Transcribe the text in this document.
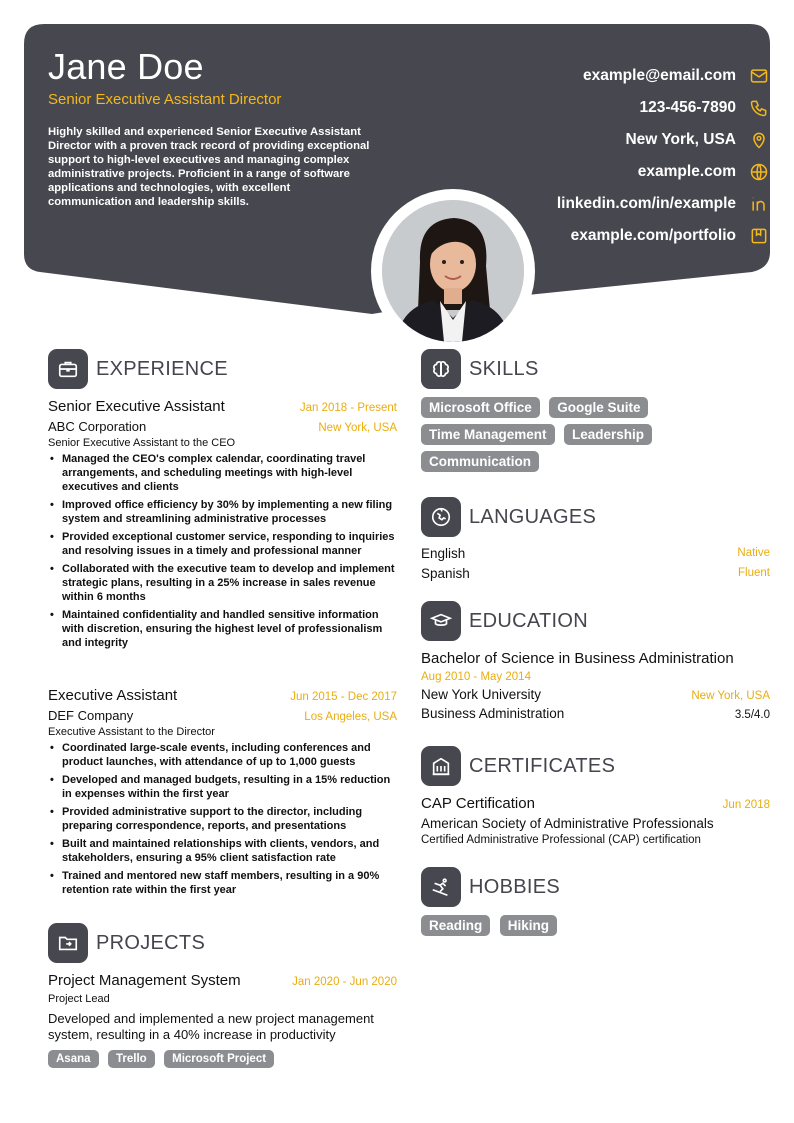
Jane Doe
Senior Executive Assistant Director
Highly skilled and experienced Senior Executive Assistant Director with a proven track record of providing exceptional support to high-level executives and managing complex administrative projects. Proficient in a range of software applications and technologies, with excellent communication and leadership skills.
example@email.com
123-456-7890
New York, USA
example.com
linkedin.com/in/example
example.com/portfolio
EXPERIENCE
Senior Executive Assistant	Jan 2018 - Present
ABC Corporation	New York, USA
Senior Executive Assistant to the CEO
• Managed the CEO's complex calendar, coordinating travel arrangements, and scheduling meetings with high-level executives and clients
• Improved office efficiency by 30% by implementing a new filing system and streamlining administrative processes
• Provided exceptional customer service, responding to inquiries and resolving issues in a timely and professional manner
• Collaborated with the executive team to develop and implement strategic plans, resulting in a 25% increase in sales revenue within 6 months
• Maintained confidentiality and handled sensitive information with discretion, ensuring the highest level of professionalism and integrity
Executive Assistant	Jun 2015 - Dec 2017
DEF Company	Los Angeles, USA
Executive Assistant to the Director
• Coordinated large-scale events, including conferences and product launches, with attendance of up to 1,000 guests
• Developed and managed budgets, resulting in a 15% reduction in expenses within the first year
• Provided administrative support to the director, including preparing correspondence, reports, and presentations
• Built and maintained relationships with clients, vendors, and stakeholders, ensuring a 95% client satisfaction rate
• Trained and mentored new staff members, resulting in a 90% retention rate within the first year
PROJECTS
Project Management System	Jan 2020 - Jun 2020
Project Lead
Developed and implemented a new project management system, resulting in a 40% increase in productivity
Asana Trello Microsoft Project
SKILLS
Microsoft Office Google Suite
Time Management Leadership
Communication
LANGUAGES
English	Native
Spanish	Fluent
EDUCATION
Bachelor of Science in Business Administration
Aug 2010 - May 2014
New York University	New York, USA
Business Administration	3.5/4.0
CERTIFICATES
CAP Certification	Jun 2018
American Society of Administrative Professionals
Certified Administrative Professional (CAP) certification
HOBBIES
Reading Hiking
